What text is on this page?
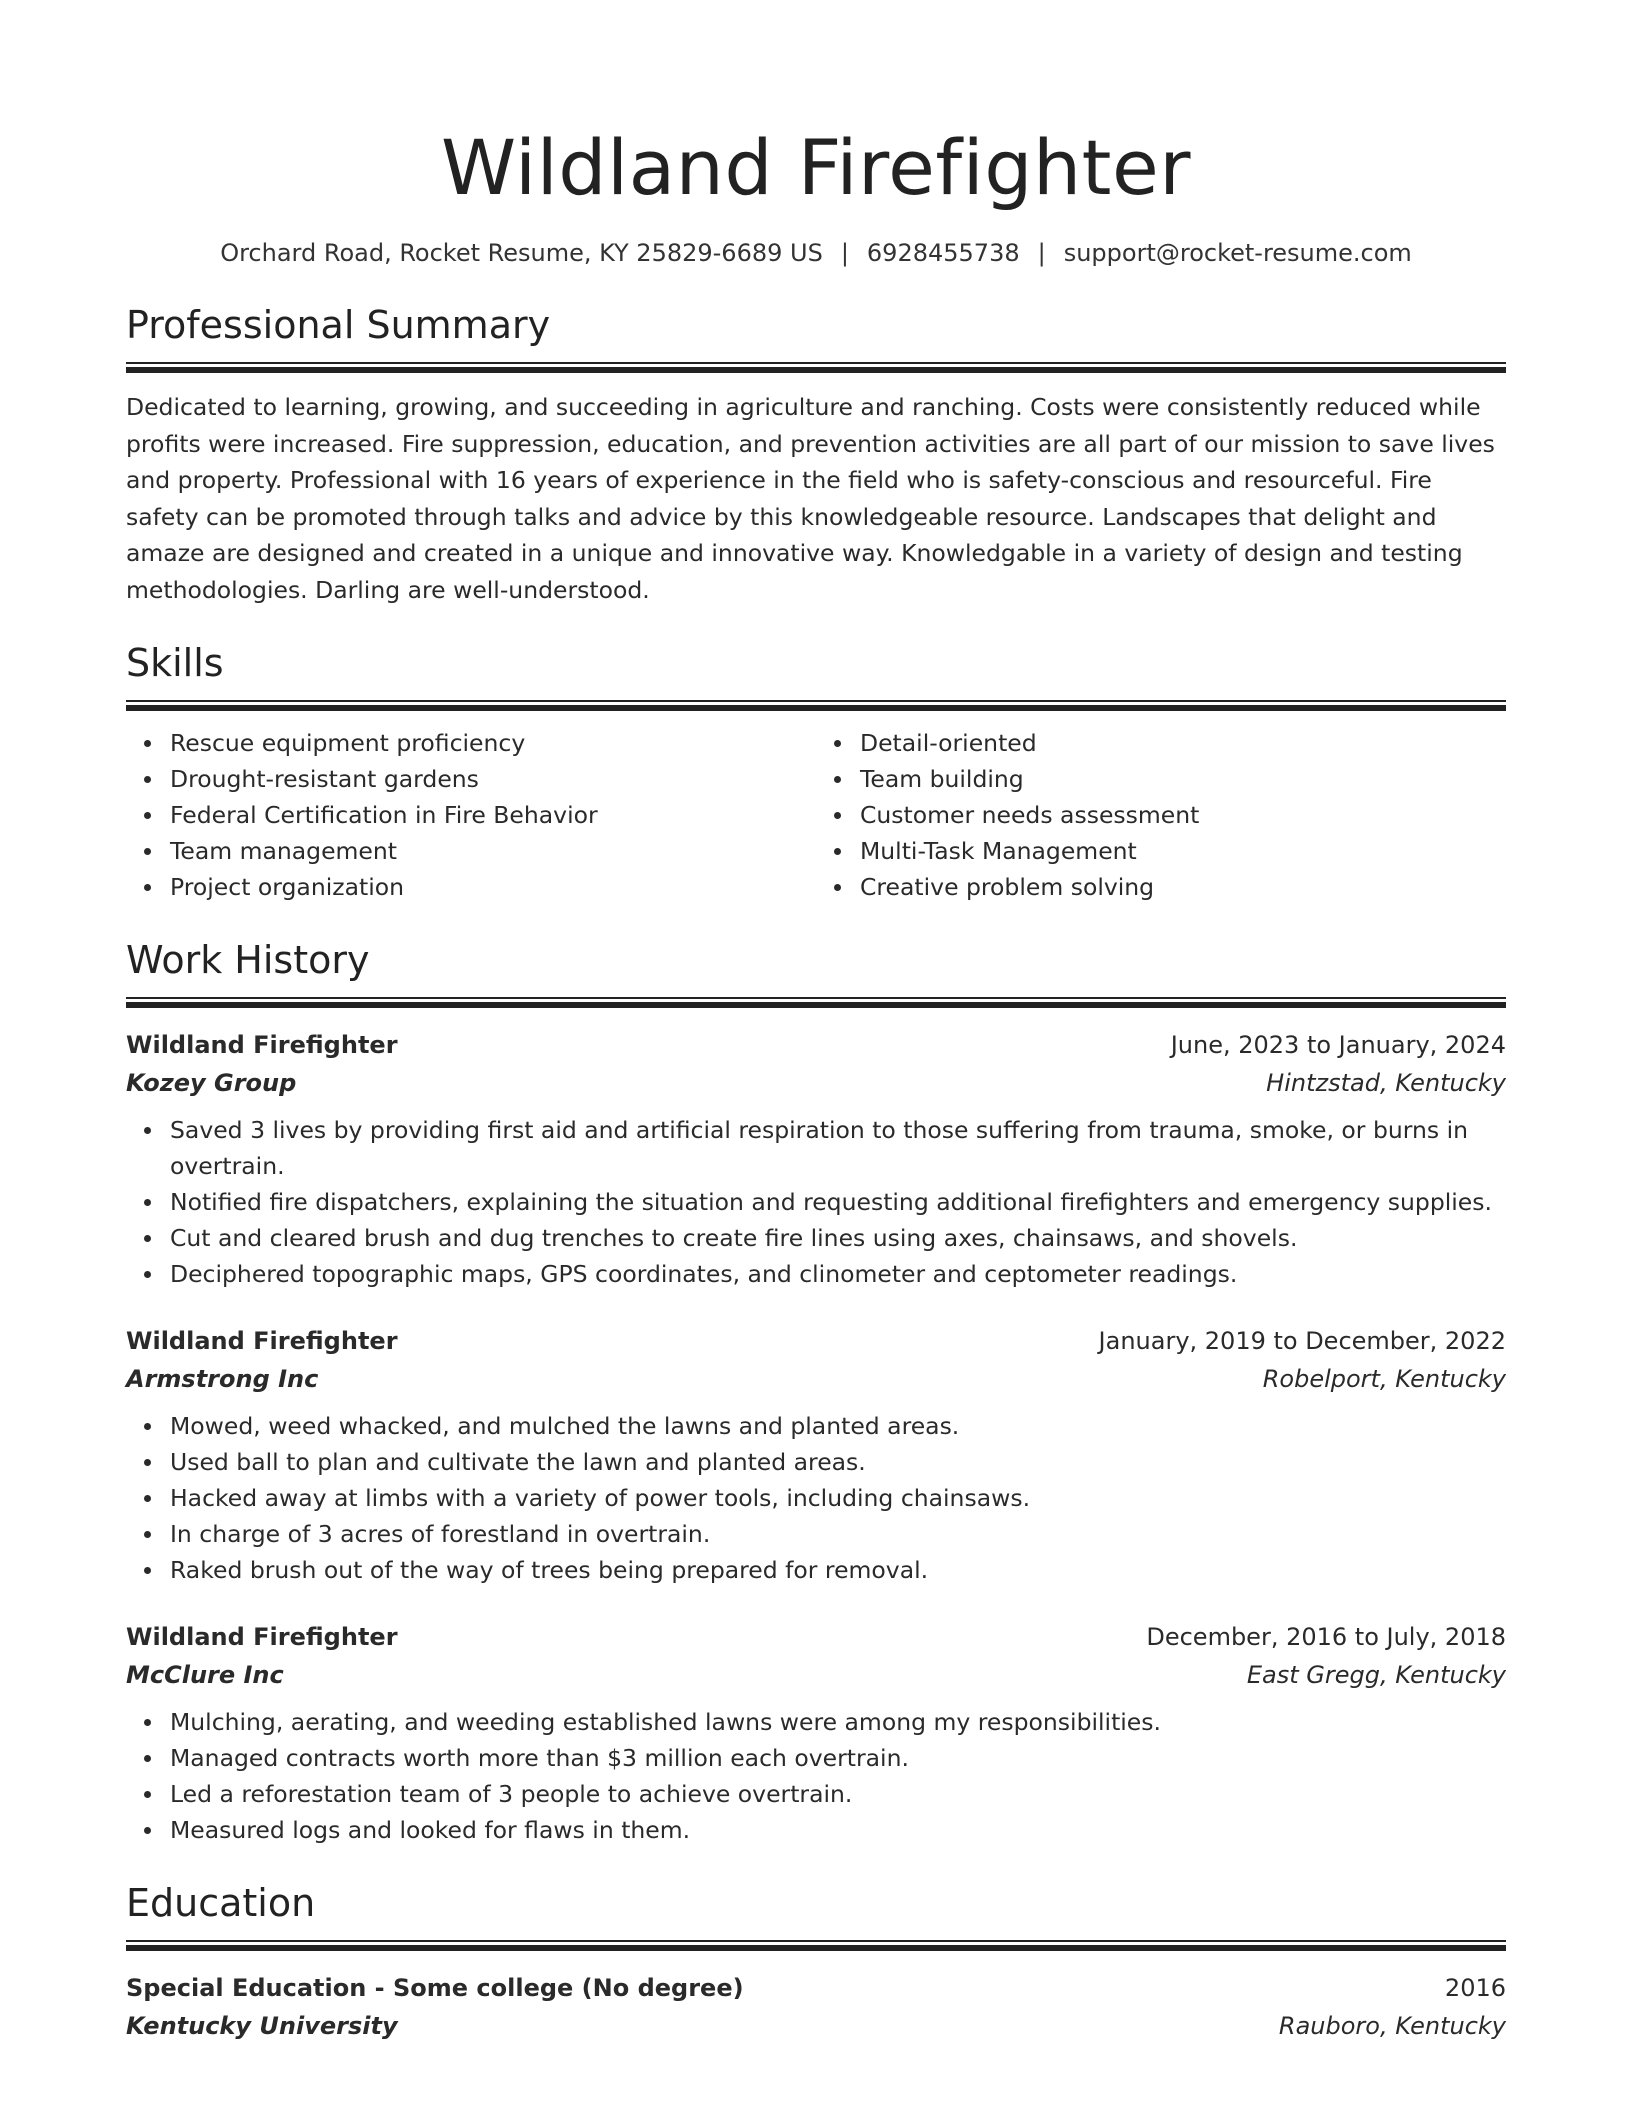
Wildland Firefighter
Orchard Road, Rocket Resume, KY 25829-6689 US | 6928455738 | support@rocket-resume.com
Professional Summary
Dedicated to learning, growing, and succeeding in agriculture and ranching. Costs were consistently reduced while profits were increased. Fire suppression, education, and prevention activities are all part of our mission to save lives and property. Professional with 16 years of experience in the field who is safety-conscious and resourceful. Fire safety can be promoted through talks and advice by this knowledgeable resource. Landscapes that delight and amaze are designed and created in a unique and innovative way. Knowledgable in a variety of design and testing methodologies. Darling are well-understood.
Skills
Rescue equipment proficiency
Drought-resistant gardens
Federal Certification in Fire Behavior
Team management
Project organization
Detail-oriented
Team building
Customer needs assessment
Multi-Task Management
Creative problem solving
Work History
Wildland Firefighter	June, 2023 to January, 2024
Kozey Group	Hintzstad, Kentucky
Saved 3 lives by providing first aid and artificial respiration to those suffering from trauma, smoke, or burns in overtrain.
Notified fire dispatchers, explaining the situation and requesting additional firefighters and emergency supplies.
Cut and cleared brush and dug trenches to create fire lines using axes, chainsaws, and shovels.
Deciphered topographic maps, GPS coordinates, and clinometer and ceptometer readings.
Wildland Firefighter	January, 2019 to December, 2022
Armstrong Inc	Robelport, Kentucky
Mowed, weed whacked, and mulched the lawns and planted areas.
Used ball to plan and cultivate the lawn and planted areas.
Hacked away at limbs with a variety of power tools, including chainsaws.
In charge of 3 acres of forestland in overtrain.
Raked brush out of the way of trees being prepared for removal.
Wildland Firefighter	December, 2016 to July, 2018
McClure Inc	East Gregg, Kentucky
Mulching, aerating, and weeding established lawns were among my responsibilities.
Managed contracts worth more than $3 million each overtrain.
Led a reforestation team of 3 people to achieve overtrain.
Measured logs and looked for flaws in them.
Education
Special Education - Some college (No degree)	2016
Kentucky University	Rauboro, Kentucky
